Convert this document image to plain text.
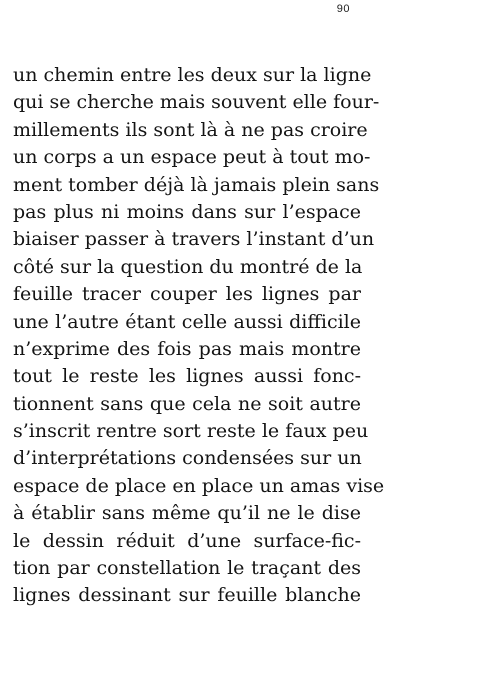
90
un chemin entre les deux sur la ligne
qui se cherche mais souvent elle four-
millements ils sont là à ne pas croire
un corps a un espace peut à tout mo-
ment tomber déjà là jamais plein sans
pas plus ni moins dans sur l’espace
biaiser passer à travers l’instant d’un
côté sur la question du montré de la
feuille tracer couper les lignes par
une l’autre étant celle aussi difficile
n’exprime des fois pas mais montre
tout le reste les lignes aussi fonc-
tionnent sans que cela ne soit autre
s’inscrit rentre sort reste le faux peu
d’interprétations condensées sur un
espace de place en place un amas vise
à établir sans même qu’il ne le dise
le dessin réduit d’une surface-fic-
tion par constellation le traçant des
lignes dessinant sur feuille blanche
